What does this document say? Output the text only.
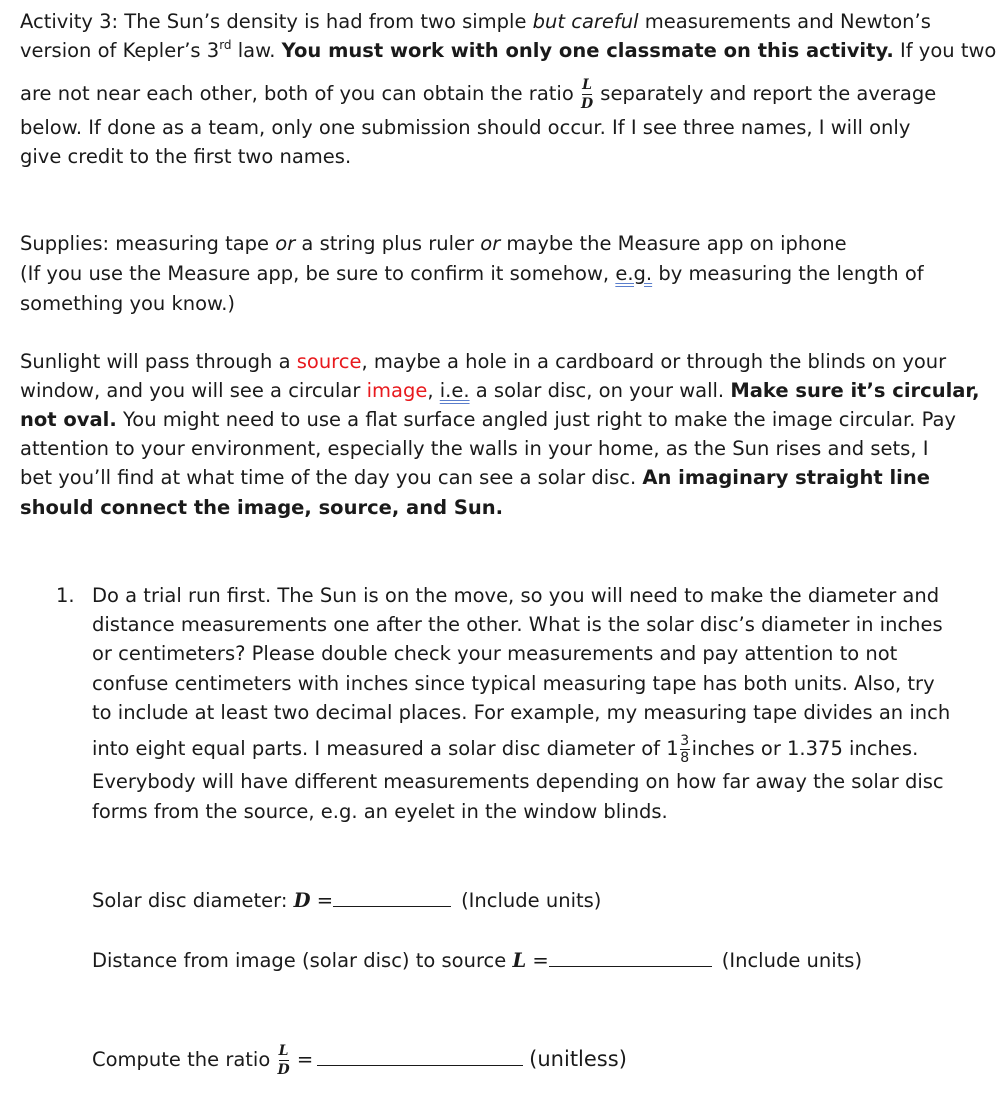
Activity 3: The Sun’s density is had from two simple but careful measurements and Newton’s
version of Kepler’s 3rd law. You must work with only one classmate on this activity. If you two
are not near each other, both of you can obtain the ratio $\frac{L}{D}$ separately and report the average
below. If done as a team, only one submission should occur. If I see three names, I will only
give credit to the first two names.
Supplies: measuring tape or a string plus ruler or maybe the Measure app on iphone
(If you use the Measure app, be sure to confirm it somehow, e.g. by measuring the length of
something you know.)
Sunlight will pass through a source, maybe a hole in a cardboard or through the blinds on your
window, and you will see a circular image, i.e. a solar disc, on your wall. Make sure it’s circular,
not oval. You might need to use a flat surface angled just right to make the image circular. Pay
attention to your environment, especially the walls in your home, as the Sun rises and sets, I
bet you’ll find at what time of the day you can see a solar disc. An imaginary straight line
should connect the image, source, and Sun.
1. Do a trial run first. The Sun is on the move, so you will need to make the diameter and
distance measurements one after the other. What is the solar disc’s diameter in inches
or centimeters? Please double check your measurements and pay attention to not
confuse centimeters with inches since typical measuring tape has both units. Also, try
to include at least two decimal places. For example, my measuring tape divides an inch
into eight equal parts. I measured a solar disc diameter of $1 \frac{3}{8}$ inches or 1.375 inches.
Everybody will have different measurements depending on how far away the solar disc
forms from the source, e.g. an eyelet in the window blinds.
Solar disc diameter: D =	(Include units)
Distance from image (solar disc) to source L =	(Include units)
Compute the ratio $\frac{L}{D}$ =	(unitless)
